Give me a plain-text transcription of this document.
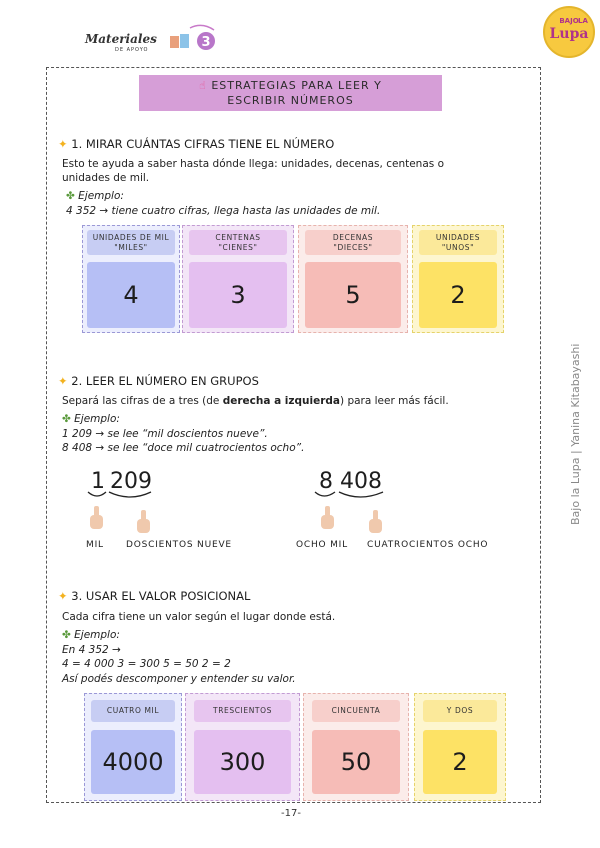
Materiales
DE APOYO	3
BAJO LA
Lupa
☝ ESTRATEGIAS PARA LEER Y
ESCRIBIR NÚMEROS
✦ 1. MIRAR CUÁNTAS CIFRAS TIENE EL NÚMERO
Esto te ayuda a saber hasta dónde llega: unidades, decenas, centenas o
unidades de mil.
✤ Ejemplo:
4 352 → tiene cuatro cifras, llega hasta las unidades de mil.
UNIDADES DE MIL
"MILES"
4
CENTENAS
"CIENES"
3
DECENAS
"DIECES"
5
UNIDADES
"UNOS"
2
✦ 2. LEER EL NÚMERO EN GRUPOS
Separá las cifras de a tres (de derecha a izquierda) para leer más fácil.
✤ Ejemplo:
1 209 → se lee “mil doscientos nueve”.
8 408 → se lee “doce mil cuatrocientos ocho”.
1 209
MIL DOSCIENTOS NUEVE
8 408
OCHO MIL CUATROCIENTOS OCHO
✦ 3. USAR EL VALOR POSICIONAL
Cada cifra tiene un valor según el lugar donde está.
✤ Ejemplo:
En 4 352 →
4 = 4 000 3 = 300 5 = 50 2 = 2
Así podés descomponer y entender su valor.
CUATRO MIL
4000
TRESCIENTOS
300
CINCUENTA
50
Y DOS
2
Bajo la Lupa | Yanina Kitabayashi
-17-
